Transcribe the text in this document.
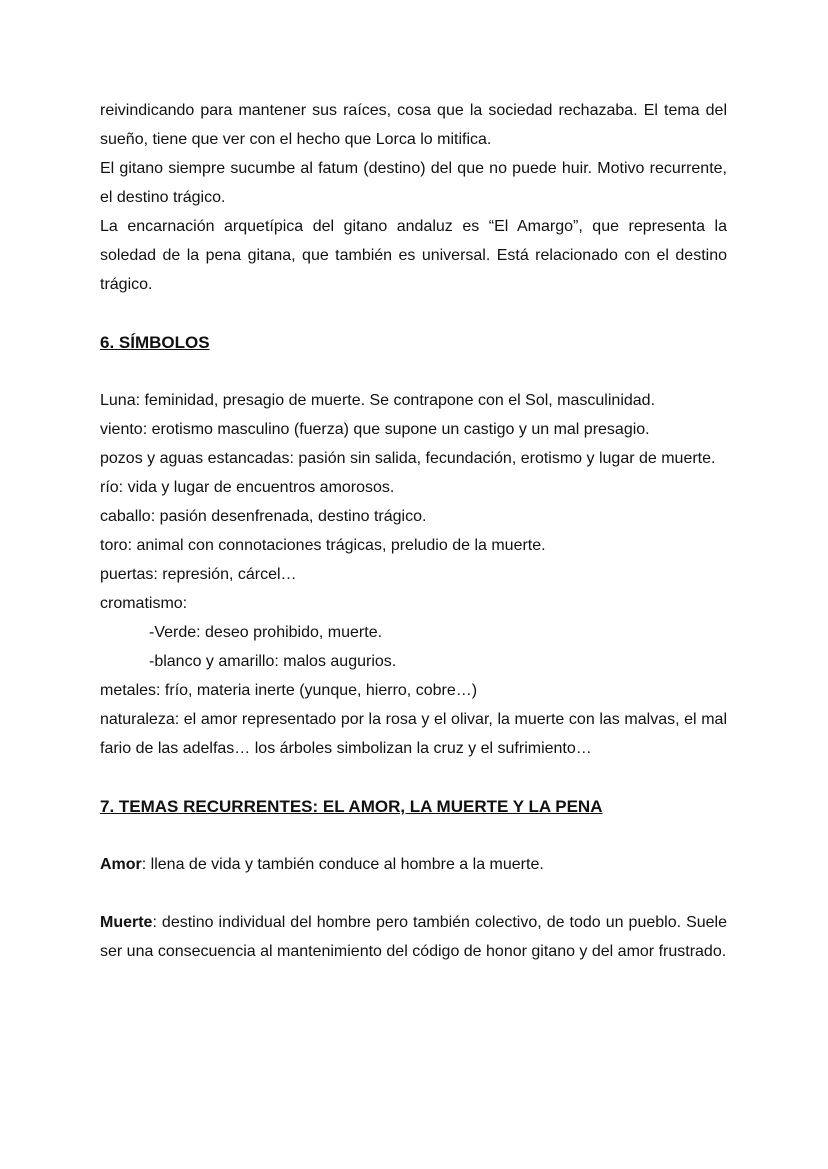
reivindicando para mantener sus raíces, cosa que la sociedad rechazaba. El tema del sueño, tiene que ver con el hecho que Lorca lo mitifica.

El gitano siempre sucumbe al fatum (destino) del que no puede huir. Motivo recurrente, el destino trágico.

La encarnación arquetípica del gitano andaluz es “El Amargo”, que representa la soledad de la pena gitana, que también es universal. Está relacionado con el destino trágico.

6. SÍMBOLOS

Luna: feminidad, presagio de muerte. Se contrapone con el Sol, masculinidad.

viento: erotismo masculino (fuerza) que supone un castigo y un mal presagio.

pozos y aguas estancadas: pasión sin salida, fecundación, erotismo y lugar de muerte.

río: vida y lugar de encuentros amorosos.

caballo: pasión desenfrenada, destino trágico.

toro: animal con connotaciones trágicas, preludio de la muerte.

puertas: represión, cárcel…

cromatismo:

-Verde: deseo prohibido, muerte.

-blanco y amarillo: malos augurios.

metales: frío, materia inerte (yunque, hierro, cobre…)

naturaleza: el amor representado por la rosa y el olivar, la muerte con las malvas, el mal fario de las adelfas… los árboles simbolizan la cruz y el sufrimiento…

7. TEMAS RECURRENTES: EL AMOR, LA MUERTE Y LA PENA

Amor: llena de vida y también conduce al hombre a la muerte.

Muerte: destino individual del hombre pero también colectivo, de todo un pueblo. Suele ser una consecuencia al mantenimiento del código de honor gitano y del amor frustrado.
